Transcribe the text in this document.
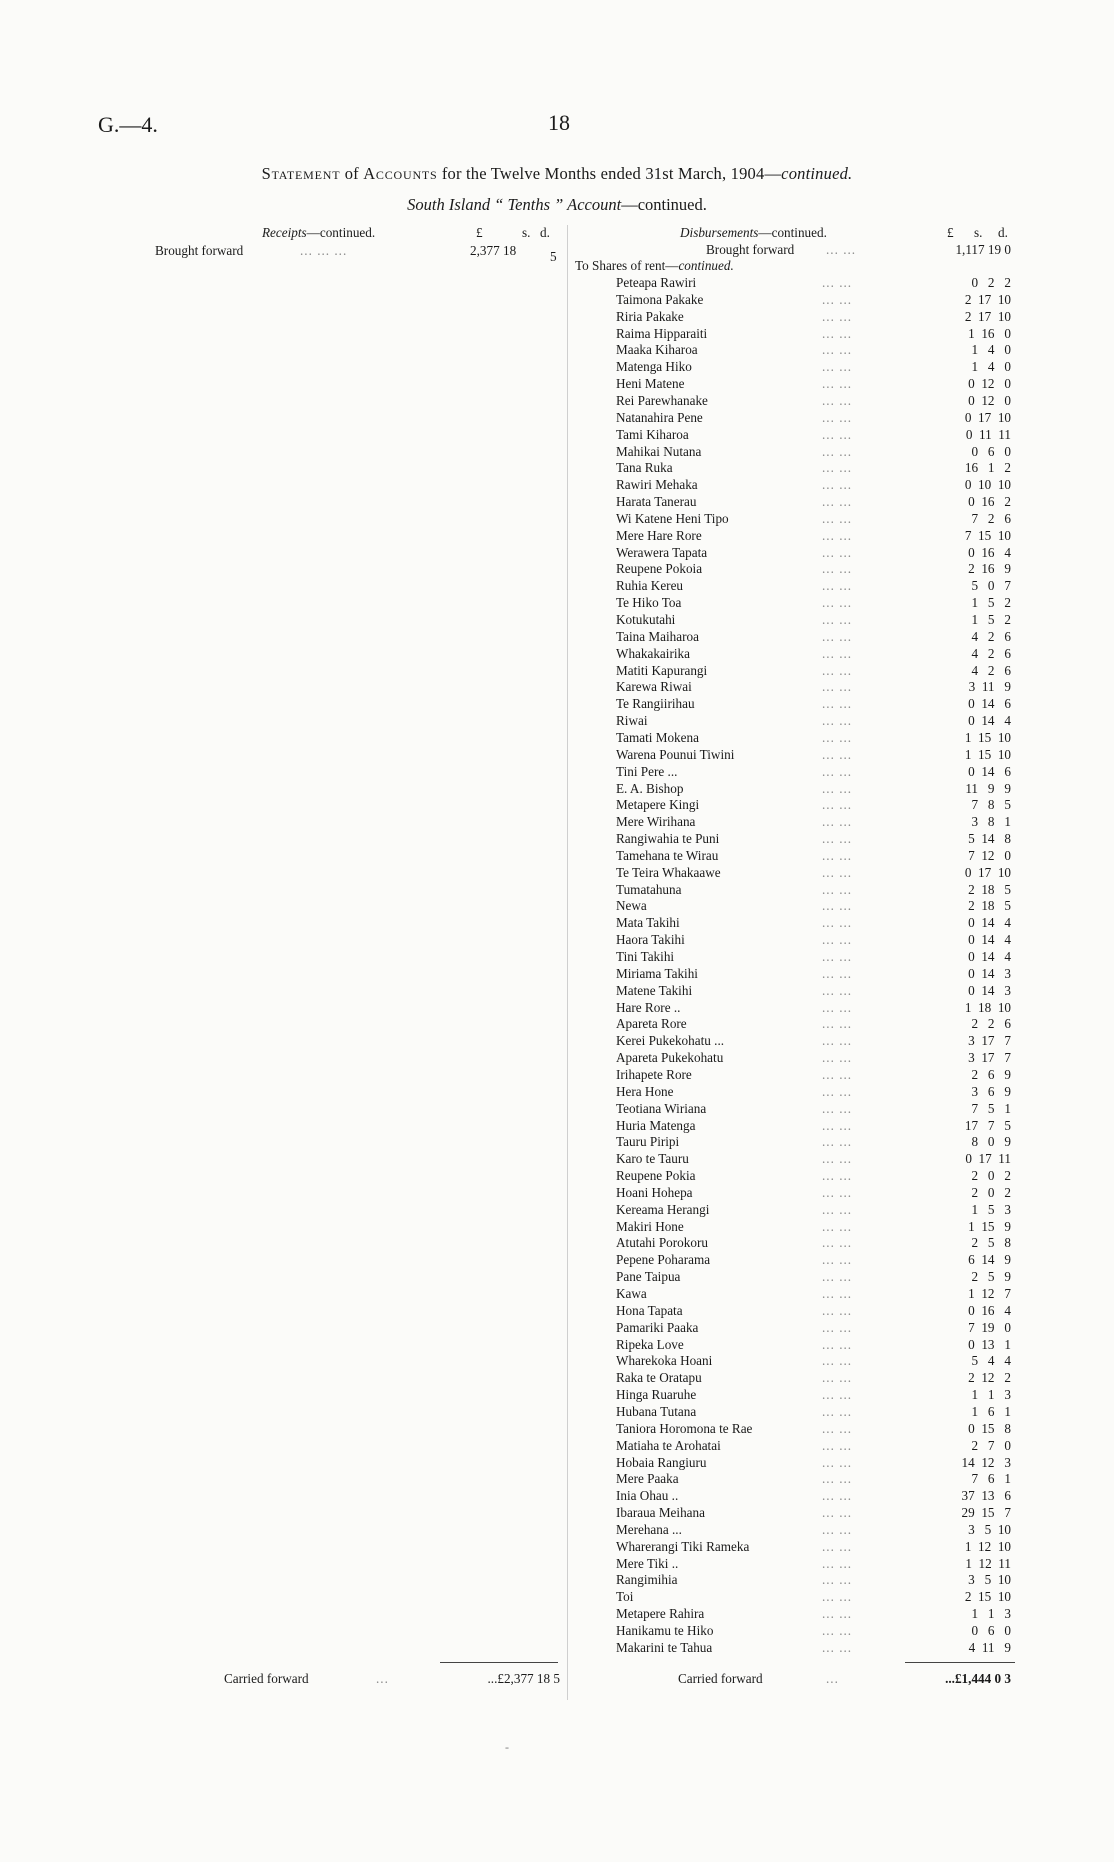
G.—4.	18
Statement of Accounts for the Twelve Months ended 31st March, 1904—continued.
South Island “ Tenths ” Account—continued.
Receipts—continued.	£	s. d.
Brought forward	... ... ...	2,377 18	5
Disbursements—continued.	£ s. d.
Brought forward ... ...	1,117 19 0
To Shares of rent—continued.
Peteapa Rawiri	... ...	0   2   2
Taimona Pakake	... ...	2  17  10
Riria Pakake	... ...	2  17  10
Raima Hipparaiti	... ...	1  16   0
Maaka Kiharoa	... ...	1   4   0
Matenga Hiko	... ...	1   4   0
Heni Matene	... ...	0  12   0
Rei Parewhanake	... ...	0  12   0
Natanahira Pene	... ...	0  17  10
Tami Kiharoa	... ...	0  11  11
Mahikai Nutana	... ...	0   6   0
Tana Ruka	... ...	16   1   2
Rawiri Mehaka	... ...	0  10  10
Harata Tanerau	... ...	0  16   2
Wi Katene Heni Tipo	... ...	7   2   6
Mere Hare Rore	... ...	7  15  10
Werawera Tapata	... ...	0  16   4
Reupene Pokoia	... ...	2  16   9
Ruhia Kereu	... ...	5   0   7
Te Hiko Toa	... ...	1   5   2
Kotukutahi	... ...	1   5   2
Taina Maiharoa	... ...	4   2   6
Whakakairika	... ...	4   2   6
Matiti Kapurangi	... ...	4   2   6
Karewa Riwai	... ...	3  11   9
Te Rangiirihau	... ...	0  14   6
Riwai	... ...	0  14   4
Tamati Mokena	... ...	1  15  10
Warena Pounui Tiwini	... ...	1  15  10
Tini Pere ...	... ...	0  14   6
E. A. Bishop	... ...	11   9   9
Metapere Kingi	... ...	7   8   5
Mere Wirihana	... ...	3   8   1
Rangiwahia te Puni	... ...	5  14   8
Tamehana te Wirau	... ...	7  12   0
Te Teira Whakaawe	... ...	0  17  10
Tumatahuna	... ...	2  18   5
Newa	... ...	2  18   5
Mata Takihi	... ...	0  14   4
Haora Takihi	... ...	0  14   4
Tini Takihi	... ...	0  14   4
Miriama Takihi	... ...	0  14   3
Matene Takihi	... ...	0  14   3
Hare Rore ..	... ...	1  18  10
Apareta Rore	... ...	2   2   6
Kerei Pukekohatu ...	... ...	3  17   7
Apareta Pukekohatu	... ...	3  17   7
Irihapete Rore	... ...	2   6   9
Hera Hone	... ...	3   6   9
Teotiana Wiriana	... ...	7   5   1
Huria Matenga	... ...	17   7   5
Tauru Piripi	... ...	8   0   9
Karo te Tauru	... ...	0  17  11
Reupene Pokia	... ...	2   0   2
Hoani Hohepa	... ...	2   0   2
Kereama Herangi	... ...	1   5   3
Makiri Hone	... ...	1  15   9
Atutahi Porokoru	... ...	2   5   8
Pepene Poharama	... ...	6  14   9
Pane Taipua	... ...	2   5   9
Kawa	... ...	1  12   7
Hona Tapata	... ...	0  16   4
Pamariki Paaka	... ...	7  19   0
Ripeka Love	... ...	0  13   1
Wharekoka Hoani	... ...	5   4   4
Raka te Oratapu	... ...	2  12   2
Hinga Ruaruhe	... ...	1   1   3
Hubana Tutana	... ...	1   6   1
Taniora Horomona te Rae	... ...	0  15   8
Matiaha te Arohatai	... ...	2   7   0
Hobaia Rangiuru	... ...	14  12   3
Mere Paaka	... ...	7   6   1
Inia Ohau ..	... ...	37  13   6
Ibaraua Meihana	... ...	29  15   7
Merehana ...	... ...	3   5  10
Wharerangi Tiki Rameka	... ...	1  12  10
Mere Tiki ..	... ...	1  12  11
Rangimihia	... ...	3   5  10
Toi	... ...	2  15  10
Metapere Rahira	... ...	1   1   3
Hanikamu te Hiko	... ...	0   6   0
Makarini te Tahua	... ...	4  11   9
Carried forward	...	...£2,377 18 5	Carried forward	...	...£1,444 0 3
-
